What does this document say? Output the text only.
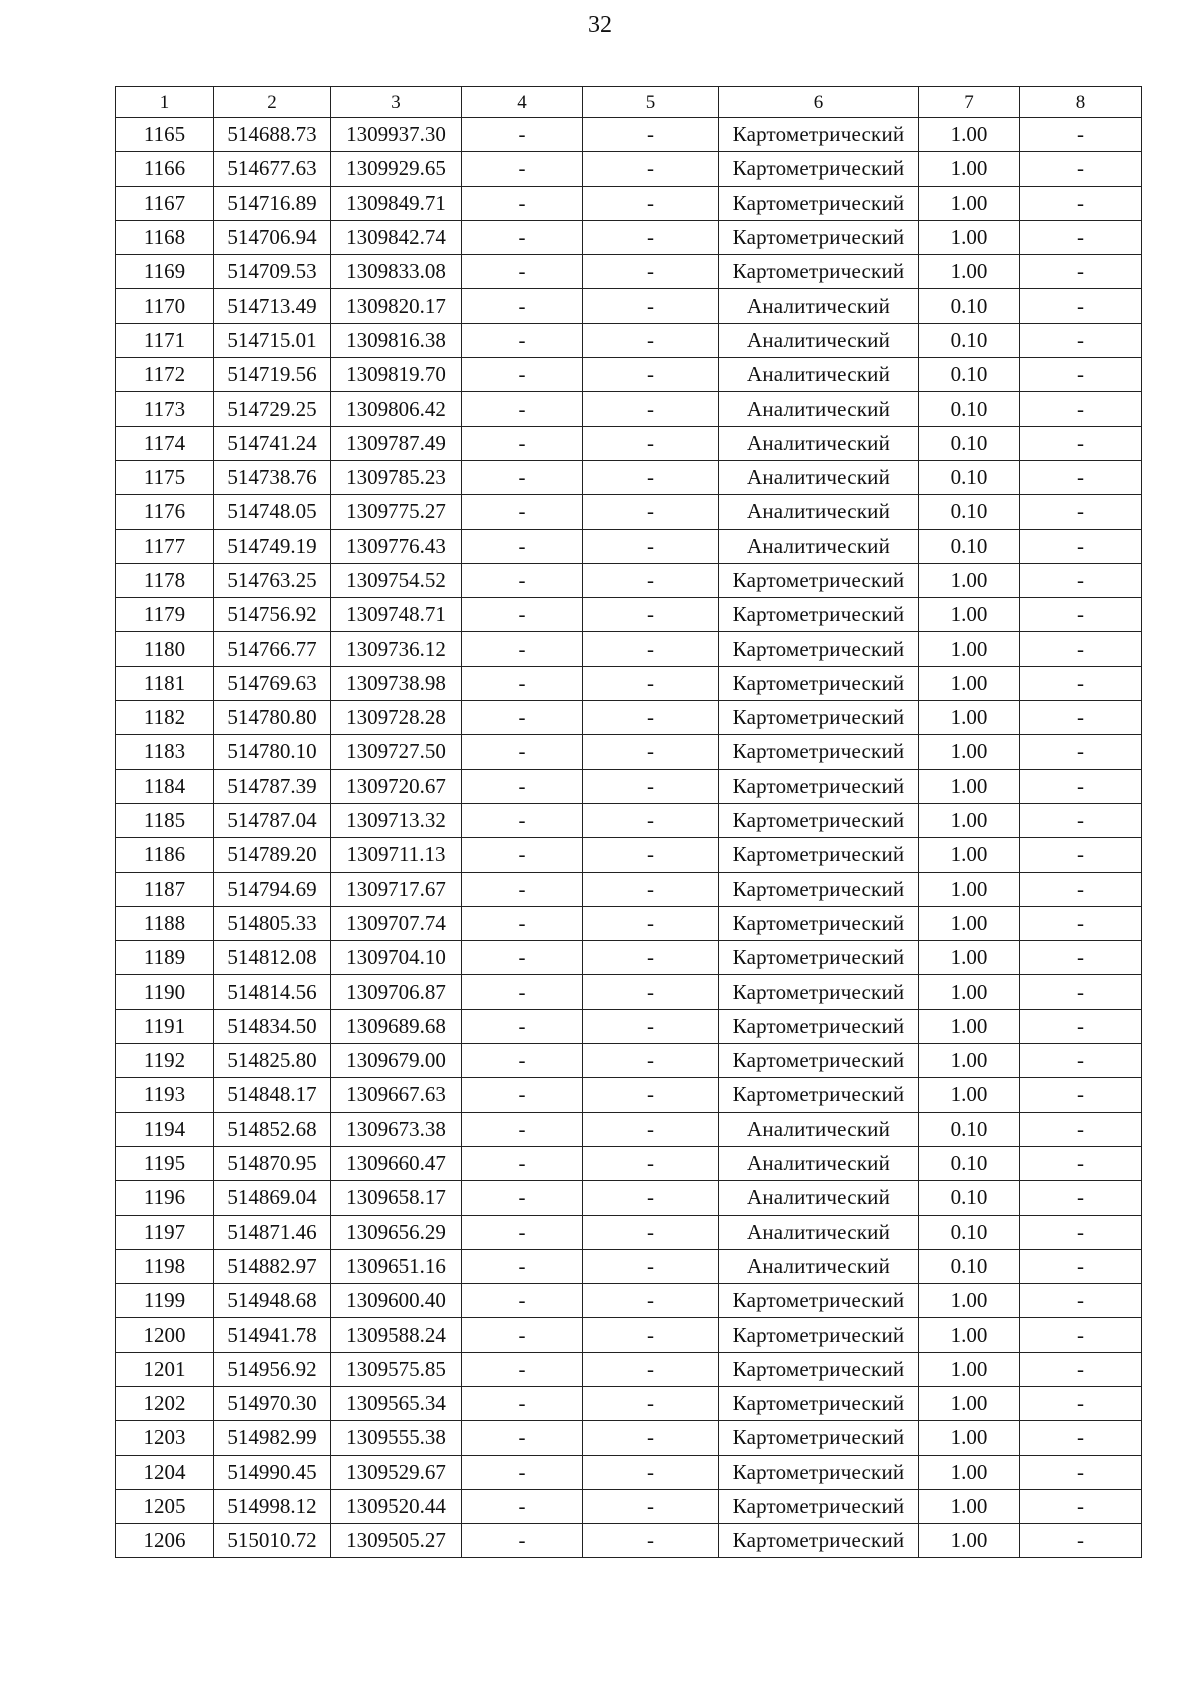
32
1	2	3	4	5	6	7	8
1165	514688.73	1309937.30	-	-	Картометрический	1.00	-
1166	514677.63	1309929.65	-	-	Картометрический	1.00	-
1167	514716.89	1309849.71	-	-	Картометрический	1.00	-
1168	514706.94	1309842.74	-	-	Картометрический	1.00	-
1169	514709.53	1309833.08	-	-	Картометрический	1.00	-
1170	514713.49	1309820.17	-	-	Аналитический	0.10	-
1171	514715.01	1309816.38	-	-	Аналитический	0.10	-
1172	514719.56	1309819.70	-	-	Аналитический	0.10	-
1173	514729.25	1309806.42	-	-	Аналитический	0.10	-
1174	514741.24	1309787.49	-	-	Аналитический	0.10	-
1175	514738.76	1309785.23	-	-	Аналитический	0.10	-
1176	514748.05	1309775.27	-	-	Аналитический	0.10	-
1177	514749.19	1309776.43	-	-	Аналитический	0.10	-
1178	514763.25	1309754.52	-	-	Картометрический	1.00	-
1179	514756.92	1309748.71	-	-	Картометрический	1.00	-
1180	514766.77	1309736.12	-	-	Картометрический	1.00	-
1181	514769.63	1309738.98	-	-	Картометрический	1.00	-
1182	514780.80	1309728.28	-	-	Картометрический	1.00	-
1183	514780.10	1309727.50	-	-	Картометрический	1.00	-
1184	514787.39	1309720.67	-	-	Картометрический	1.00	-
1185	514787.04	1309713.32	-	-	Картометрический	1.00	-
1186	514789.20	1309711.13	-	-	Картометрический	1.00	-
1187	514794.69	1309717.67	-	-	Картометрический	1.00	-
1188	514805.33	1309707.74	-	-	Картометрический	1.00	-
1189	514812.08	1309704.10	-	-	Картометрический	1.00	-
1190	514814.56	1309706.87	-	-	Картометрический	1.00	-
1191	514834.50	1309689.68	-	-	Картометрический	1.00	-
1192	514825.80	1309679.00	-	-	Картометрический	1.00	-
1193	514848.17	1309667.63	-	-	Картометрический	1.00	-
1194	514852.68	1309673.38	-	-	Аналитический	0.10	-
1195	514870.95	1309660.47	-	-	Аналитический	0.10	-
1196	514869.04	1309658.17	-	-	Аналитический	0.10	-
1197	514871.46	1309656.29	-	-	Аналитический	0.10	-
1198	514882.97	1309651.16	-	-	Аналитический	0.10	-
1199	514948.68	1309600.40	-	-	Картометрический	1.00	-
1200	514941.78	1309588.24	-	-	Картометрический	1.00	-
1201	514956.92	1309575.85	-	-	Картометрический	1.00	-
1202	514970.30	1309565.34	-	-	Картометрический	1.00	-
1203	514982.99	1309555.38	-	-	Картометрический	1.00	-
1204	514990.45	1309529.67	-	-	Картометрический	1.00	-
1205	514998.12	1309520.44	-	-	Картометрический	1.00	-
1206	515010.72	1309505.27	-	-	Картометрический	1.00	-
